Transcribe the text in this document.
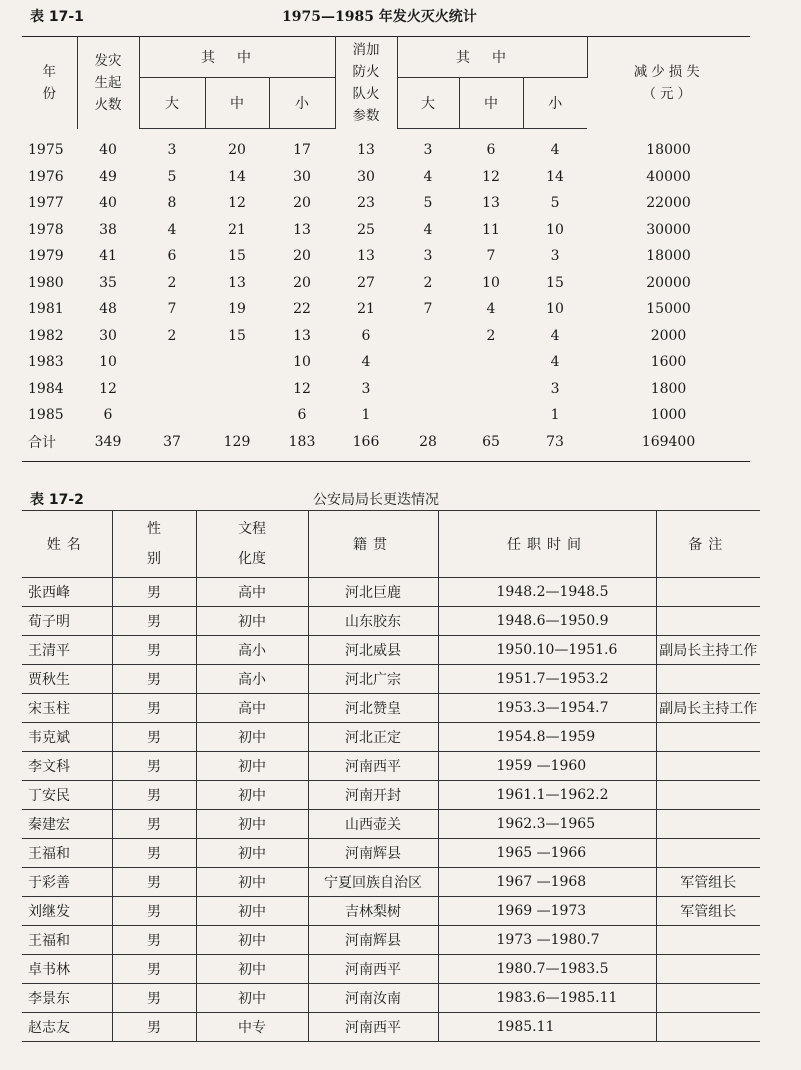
表 17-1	1975—1985 年发火灭火统计
年份	发灾生起火数	其中			消加防火队火参数	其中			减少损失（元）
		大	中	小		大	中	小	
1975	40	3	20	17	13	3	6	4	18000
1976	49	5	14	30	30	4	12	14	40000
1977	40	8	12	20	23	5	13	5	22000
1978	38	4	21	13	25	4	11	10	30000
1979	41	6	15	20	13	3	7	3	18000
1980	35	2	13	20	27	2	10	15	20000
1981	48	7	19	22	21	7	4	10	15000
1982	30	2	15	13	6		2	4	2000
1983	10			10	4			4	1600
1984	12			12	3			3	1800
1985	6			6	1			1	1000
合计	349	37	129	183	166	28	65	73	169400
表 17-2	公安局局长更迭情况
姓名	性别	文程化度	籍贯	任职时间	备注
张西峰	男	高中	河北巨鹿	1948.2—1948.5	
荀子明	男	初中	山东胶东	1948.6—1950.9	
王清平	男	高小	河北威县	1950.10—1951.6	副局长主持工作
贾秋生	男	高小	河北广宗	1951.7—1953.2	
宋玉柱	男	高中	河北赞皇	1953.3—1954.7	副局长主持工作
韦克斌	男	初中	河北正定	1954.8—1959	
李文科	男	初中	河南西平	1959 —1960	
丁安民	男	初中	河南开封	1961.1—1962.2	
秦建宏	男	初中	山西壶关	1962.3—1965	
王福和	男	初中	河南辉县	1965 —1966	
于彩善	男	初中	宁夏回族自治区	1967 —1968	军管组长
刘继发	男	初中	吉林梨树	1969 —1973	军管组长
王福和	男	初中	河南辉县	1973 —1980.7	
卓书林	男	初中	河南西平	1980.7—1983.5	
李景东	男	初中	河南汝南	1983.6—1985.11	
赵志友	男	中专	河南西平	1985.11	
